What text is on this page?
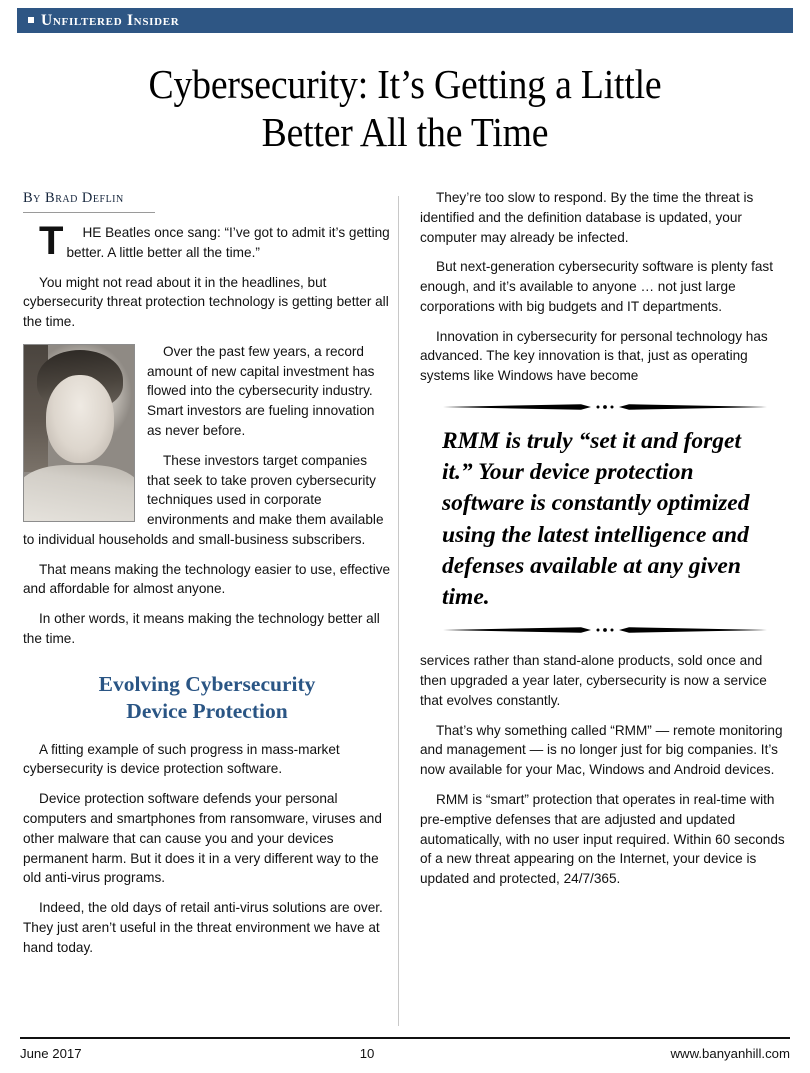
Unfiltered Insider
Cybersecurity: It’s Getting a Little
Better All the Time
By Brad Deflin

T HE Beatles once sang: “I’ve got to admit it’s getting better. A little better all the time.”

You might not read about it in the headlines, but cybersecurity threat protection technology is getting better all the time.

Over the past few years, a record amount of new capital investment has flowed into the cybersecurity industry. Smart investors are fueling innovation as never before.

These investors target companies that seek to take proven cybersecurity techniques used in corporate environments and make them available to individual households and small-business subscribers.

That means making the technology easier to use, effective and affordable for almost anyone.

In other words, it means making the technology better all the time.

Evolving Cybersecurity
Device Protection

A fitting example of such progress in mass-market cybersecurity is device protection software.

Device protection software defends your personal computers and smartphones from ransomware, viruses and other malware that can cause you and your devices permanent harm. But it does it in a very different way to the old anti-virus programs.

Indeed, the old days of retail anti-virus solutions are over. They just aren’t useful in the threat environment we have at hand today.

They’re too slow to respond. By the time the threat is identified and the definition database is updated, your computer may already be infected.

But next-generation cybersecurity software is plenty fast enough, and it’s available to anyone … not just large corporations with big budgets and IT departments.

Innovation in cybersecurity for personal technology has advanced. The key innovation is that, just as operating systems like Windows have become

RMM is truly “set it and forget it.” Your device protection software is constantly optimized using the latest intelligence and defenses available at any given time.

services rather than stand-alone products, sold once and then upgraded a year later, cybersecurity is now a service that evolves constantly.

That’s why something called “RMM” — remote monitoring and management — is no longer just for big companies. It’s now available for your Mac, Windows and Android devices.

RMM is “smart” protection that operates in real-time with pre-emptive defenses that are adjusted and updated automatically, with no user input required. Within 60 seconds of a new threat appearing on the Internet, your device is updated and protected, 24/7/365.

June 2017	10	www.banyanhill.com
